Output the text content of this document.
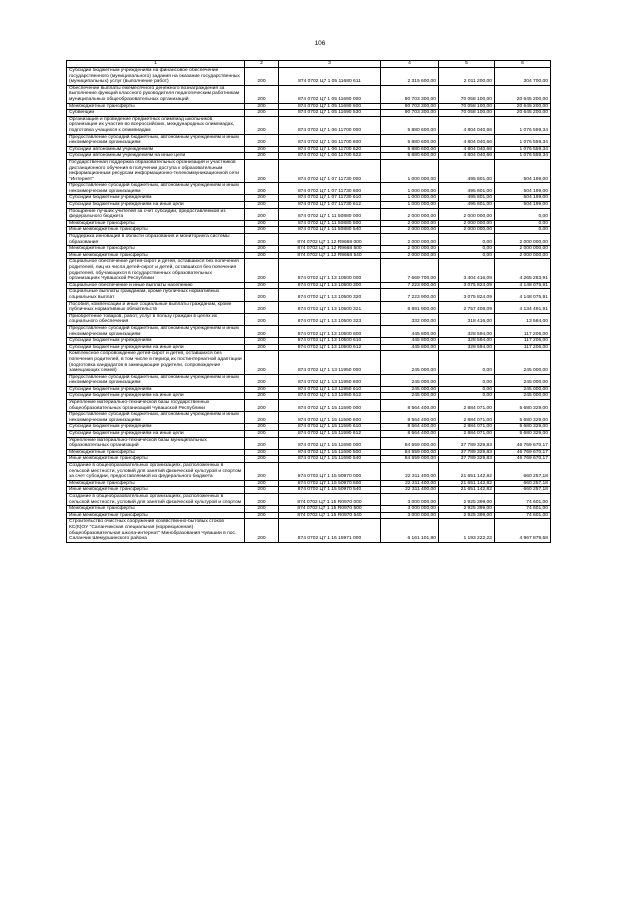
106
1	2	3	4	5	6
Субсидии бюджетным учреждениям на финансовое обеспечение государственного (муниципального) задания на оказание государственных (муниципальных) услуг (выполнение работ)	200	874 0702 Ц7 1 05 11680 611	2 315 600,00	2 011 200,00	304 700,00
Обеспечение выплаты ежемесячного денежного вознаграждения за выполнение функций классного руководителя педагогическим работникам муниципальных общеобразовательных организаций	200	874 0702 Ц7 1 05 11690 000	90 703 300,00	70 058 100,00	20 645 200,00
Межбюджетные трансферты	200	874 0702 Ц7 1 05 11690 500	90 703 300,00	70 058 100,00	20 645 200,00
Субвенции	200	874 0702 Ц7 1 05 11690 530	90 703 300,00	70 058 100,00	20 645 200,00
Организация и проведение предметных олимпиад школьников, организация их участия во всероссийских, международных олимпиадах, подготовка учащихся к олимпиадам	200	874 0702 Ц7 1 06 11700 000	5 880 600,00	4 804 040,66	1 076 559,34
Предоставление субсидий бюджетным, автономным учреждениям и иным некоммерческим организациям	200	874 0702 Ц7 1 06 11700 600	5 880 600,00	4 804 040,66	1 076 559,34
Субсидии автономным учреждениям	200	874 0702 Ц7 1 06 11700 620	5 880 600,00	4 804 040,66	1 076 559,34
Субсидии автономным учреждениям на иные цели	200	874 0702 Ц7 1 06 11700 622	5 880 600,00	4 804 040,66	1 076 559,34
Государственная поддержка образовательных организаций и участников дистанционного обучения в получении доступа к образовательным информационным ресурсам информационно-телекоммуникационной сети "Интернет"	200	874 0702 Ц7 1 07 11730 000	1 000 000,00	495 801,00	504 199,00
Предоставление субсидий бюджетным, автономным учреждениям и иным некоммерческим организациям	200	874 0702 Ц7 1 07 11730 600	1 000 000,00	495 801,00	504 199,00
Субсидии бюджетным учреждениям	200	874 0702 Ц7 1 07 11730 610	1 000 000,00	495 801,00	504 199,00
Субсидии бюджетным учреждениям на иные цели	200	874 0702 Ц7 1 07 11730 612	1 000 000,00	495 801,00	504 199,00
Поощрение лучших учителей за счет субсидии, предоставляемой из федерального бюджета	200	874 0702 Ц7 1 11 50880 000	2 000 000,00	2 000 000,00	0,00
Межбюджетные трансферты	200	874 0702 Ц7 1 11 50880 500	2 000 000,00	2 000 000,00	0,00
Иные межбюджетные трансферты	200	874 0702 Ц7 1 11 50880 540	2 000 000,00	2 000 000,00	0,00
Поддержка инноваций в области образования и мониторинга системы образования	200	874 0702 Ц7 1 12 R9668 000	2 000 000,00	0,00	2 000 000,00
Межбюджетные трансферты	200	874 0702 Ц7 1 12 R9668 500	2 000 000,00	0,00	2 000 000,00
Иные межбюджетные трансферты	200	874 0702 Ц7 1 12 R9668 540	2 000 000,00	0,00	2 000 000,00
Социальное обеспечение детей-сирот и детей, оставшихся без попечения родителей, лиц из числа детей-сирот и детей, оставшихся без попечения родителей, обучающихся в государственных образовательных организациях Чувашской Республики	200	874 0702 Ц7 1 13 10500 000	7 669 700,00	3 404 416,09	4 265 283,91
Социальное обеспечение и иные выплаты населению	200	874 0702 Ц7 1 13 10500 300	7 223 900,00	3 075 824,09	4 148 075,91
Социальные выплаты гражданам, кроме публичных нормативных социальных выплат	200	874 0702 Ц7 1 13 10500 320	7 223 900,00	3 075 824,09	4 148 075,91
Пособия, компенсации и иные социальные выплаты гражданам, кроме публичных нормативных обязательств	200	874 0702 Ц7 1 13 10500 321	6 891 900,00	2 757 408,09	4 134 491,91
Приобретение товаров, работ, услуг в пользу граждан в целях их социального обеспечения	200	874 0702 Ц7 1 13 10500 323	332 000,00	318 416,00	13 584,00
Предоставление субсидий бюджетным, автономным учреждениям и иным некоммерческим организациям	200	874 0702 Ц7 1 13 10500 600	445 800,00	328 594,00	117 206,00
Субсидии бюджетным учреждениям	200	874 0702 Ц7 1 13 10500 610	445 800,00	328 594,00	117 206,00
Субсидии бюджетным учреждениям на иные цели	200	874 0702 Ц7 1 13 10500 612	445 800,00	328 594,00	117 206,00
Комплексное сопровождение детей-сирот и детей, оставшихся без попечения родителей, в том числе в период их постинтернатной адаптации (подготовка кандидатов в замещающие родители, сопровождение замещающих семей)	200	874 0702 Ц7 1 13 11950 000	245 000,00	0,00	245 000,00
Предоставление субсидий бюджетным, автономным учреждениям и иным некоммерческим организациям	200	874 0702 Ц7 1 13 11950 600	245 000,00	0,00	245 000,00
Субсидии бюджетным учреждениям	200	874 0702 Ц7 1 13 11950 610	245 000,00	0,00	245 000,00
Субсидии бюджетным учреждениям на иные цели	200	874 0702 Ц7 1 13 11950 612	245 000,00	0,00	245 000,00
Укрепление материально-технической базы государственных общеобразовательных организаций Чувашской Республики	200	874 0702 Ц7 1 15 11590 000	8 564 400,00	2 884 071,00	5 680 329,00
Предоставление субсидий бюджетным, автономным учреждениям и иным некоммерческим организациям	200	874 0702 Ц7 1 15 11590 600	8 564 400,00	2 884 071,00	5 680 329,00
Субсидии бюджетным учреждениям	200	874 0702 Ц7 1 15 11590 610	8 564 400,00	2 884 071,00	5 680 329,00
Субсидии бюджетным учреждениям на иные цели	200	874 0702 Ц7 1 15 11590 612	8 564 400,00	2 884 071,00	5 680 329,00
Укрепление материально-технической базы муниципальных образовательных организаций	200	874 0702 Ц7 1 15 11690 000	84 559 000,00	37 789 329,83	46 769 670,17
Межбюджетные трансферты	200	874 0702 Ц7 1 15 11690 500	84 559 000,00	37 789 329,83	46 769 670,17
Иные межбюджетные трансферты	200	874 0702 Ц7 1 15 11690 540	84 559 000,00	37 789 329,83	46 769 670,17
Создание в общеобразовательных организациях, расположенных в сельской местности, условий для занятий физической культурой и спортом за счет субсидии, предоставляемой из федерального бюджета	200	874 0702 Ц7 1 15 50970 000	22 311 400,00	21 651 142,82	660 257,18
Межбюджетные трансферты	200	874 0702 Ц7 1 15 50970 500	22 311 400,00	21 651 142,82	660 257,18
Иные межбюджетные трансферты	200	874 0702 Ц7 1 15 50970 540	22 311 400,00	21 651 142,82	660 257,18
Создание в общеобразовательных организациях, расположенных в сельской местности, условий для занятий физической культурой и спортом	200	874 0702 Ц7 1 15 R0970 000	3 000 000,00	2 925 399,00	74 601,00
Межбюджетные трансферты	200	874 0702 Ц7 1 15 R0970 500	3 000 000,00	2 925 399,00	74 601,00
Иные межбюджетные трансферты	200	874 0702 Ц7 1 15 R0970 540	3 000 000,00	2 925 399,00	74 601,00
Строительство очистных сооружений хозяйственно-бытовых стоков КС(К)ОУ "Саланчикская специальная (коррекционная) общеобразовательная школа-интернат" Минобразования Чувашии в пос. Саланчик Шемуршинского района	200	874 0702 Ц7 1 16 15971 000	6 161 101,80	1 193 222,22	4 967 879,58
